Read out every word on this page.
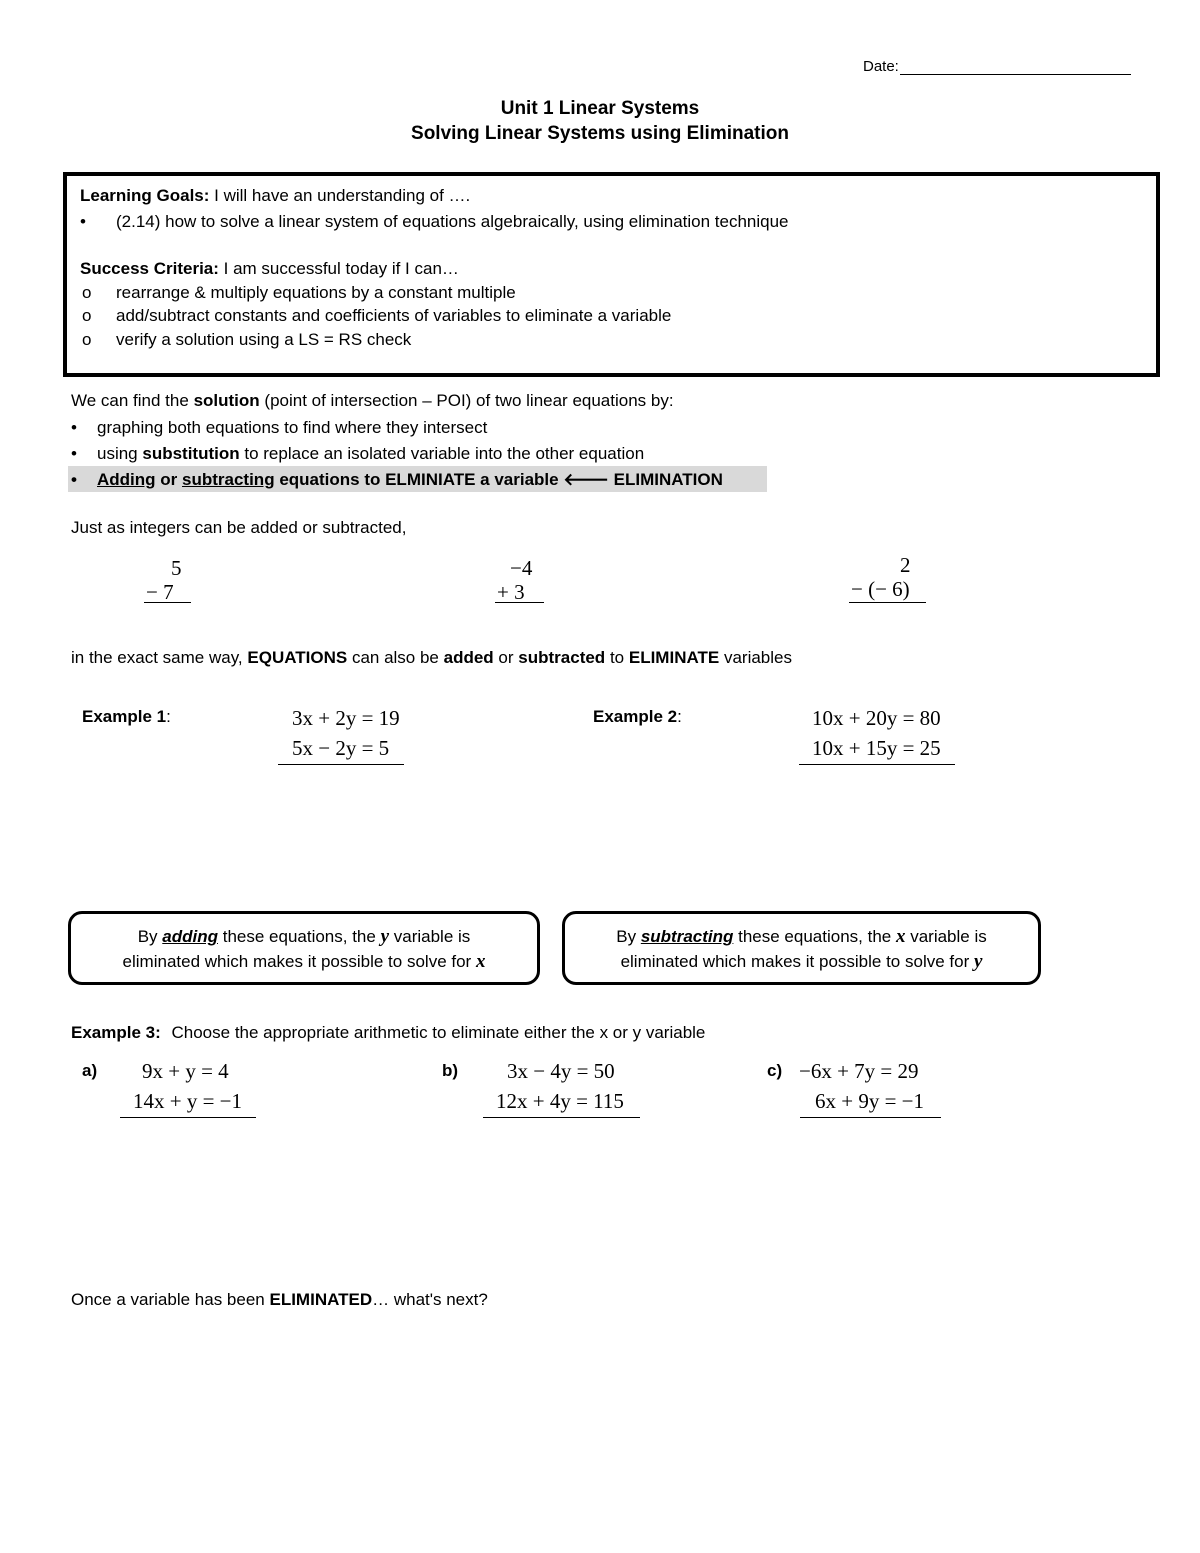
Date:
Unit 1 Linear Systems
Solving Linear Systems using Elimination
Learning Goals: I will have an understanding of ….
• (2.14) how to solve a linear system of equations algebraically, using elimination technique
Success Criteria: I am successful today if I can…
o rearrange & multiply equations by a constant multiple
o add/subtract constants and coefficients of variables to eliminate a variable
o verify a solution using a LS = RS check
We can find the solution (point of intersection – POI) of two linear equations by:
• graphing both equations to find where they intersect
• using substitution to replace an isolated variable into the other equation
• Adding or subtracting equations to ELMINIATE a variable 🡐 ELIMINATION
Just as integers can be added or subtracted,
5
− 7
−4
+ 3
2
− (− 6)
in the exact same way, EQUATIONS can also be added or subtracted to ELIMINATE variables
Example 1:	3x + 2y = 19
5x − 2y = 5
Example 2:	10x + 20y = 80
10x + 15y = 25
By adding these equations, the y variable is
eliminated which makes it possible to solve for x
By subtracting these equations, the x variable is
eliminated which makes it possible to solve for y
Example 3: Choose the appropriate arithmetic to eliminate either the x or y variable
a) 9x + y = 4
14x + y = −1
b) 3x − 4y = 50
12x + 4y = 115
c) −6x + 7y = 29
6x + 9y = −1
Once a variable has been ELIMINATED… what's next?
